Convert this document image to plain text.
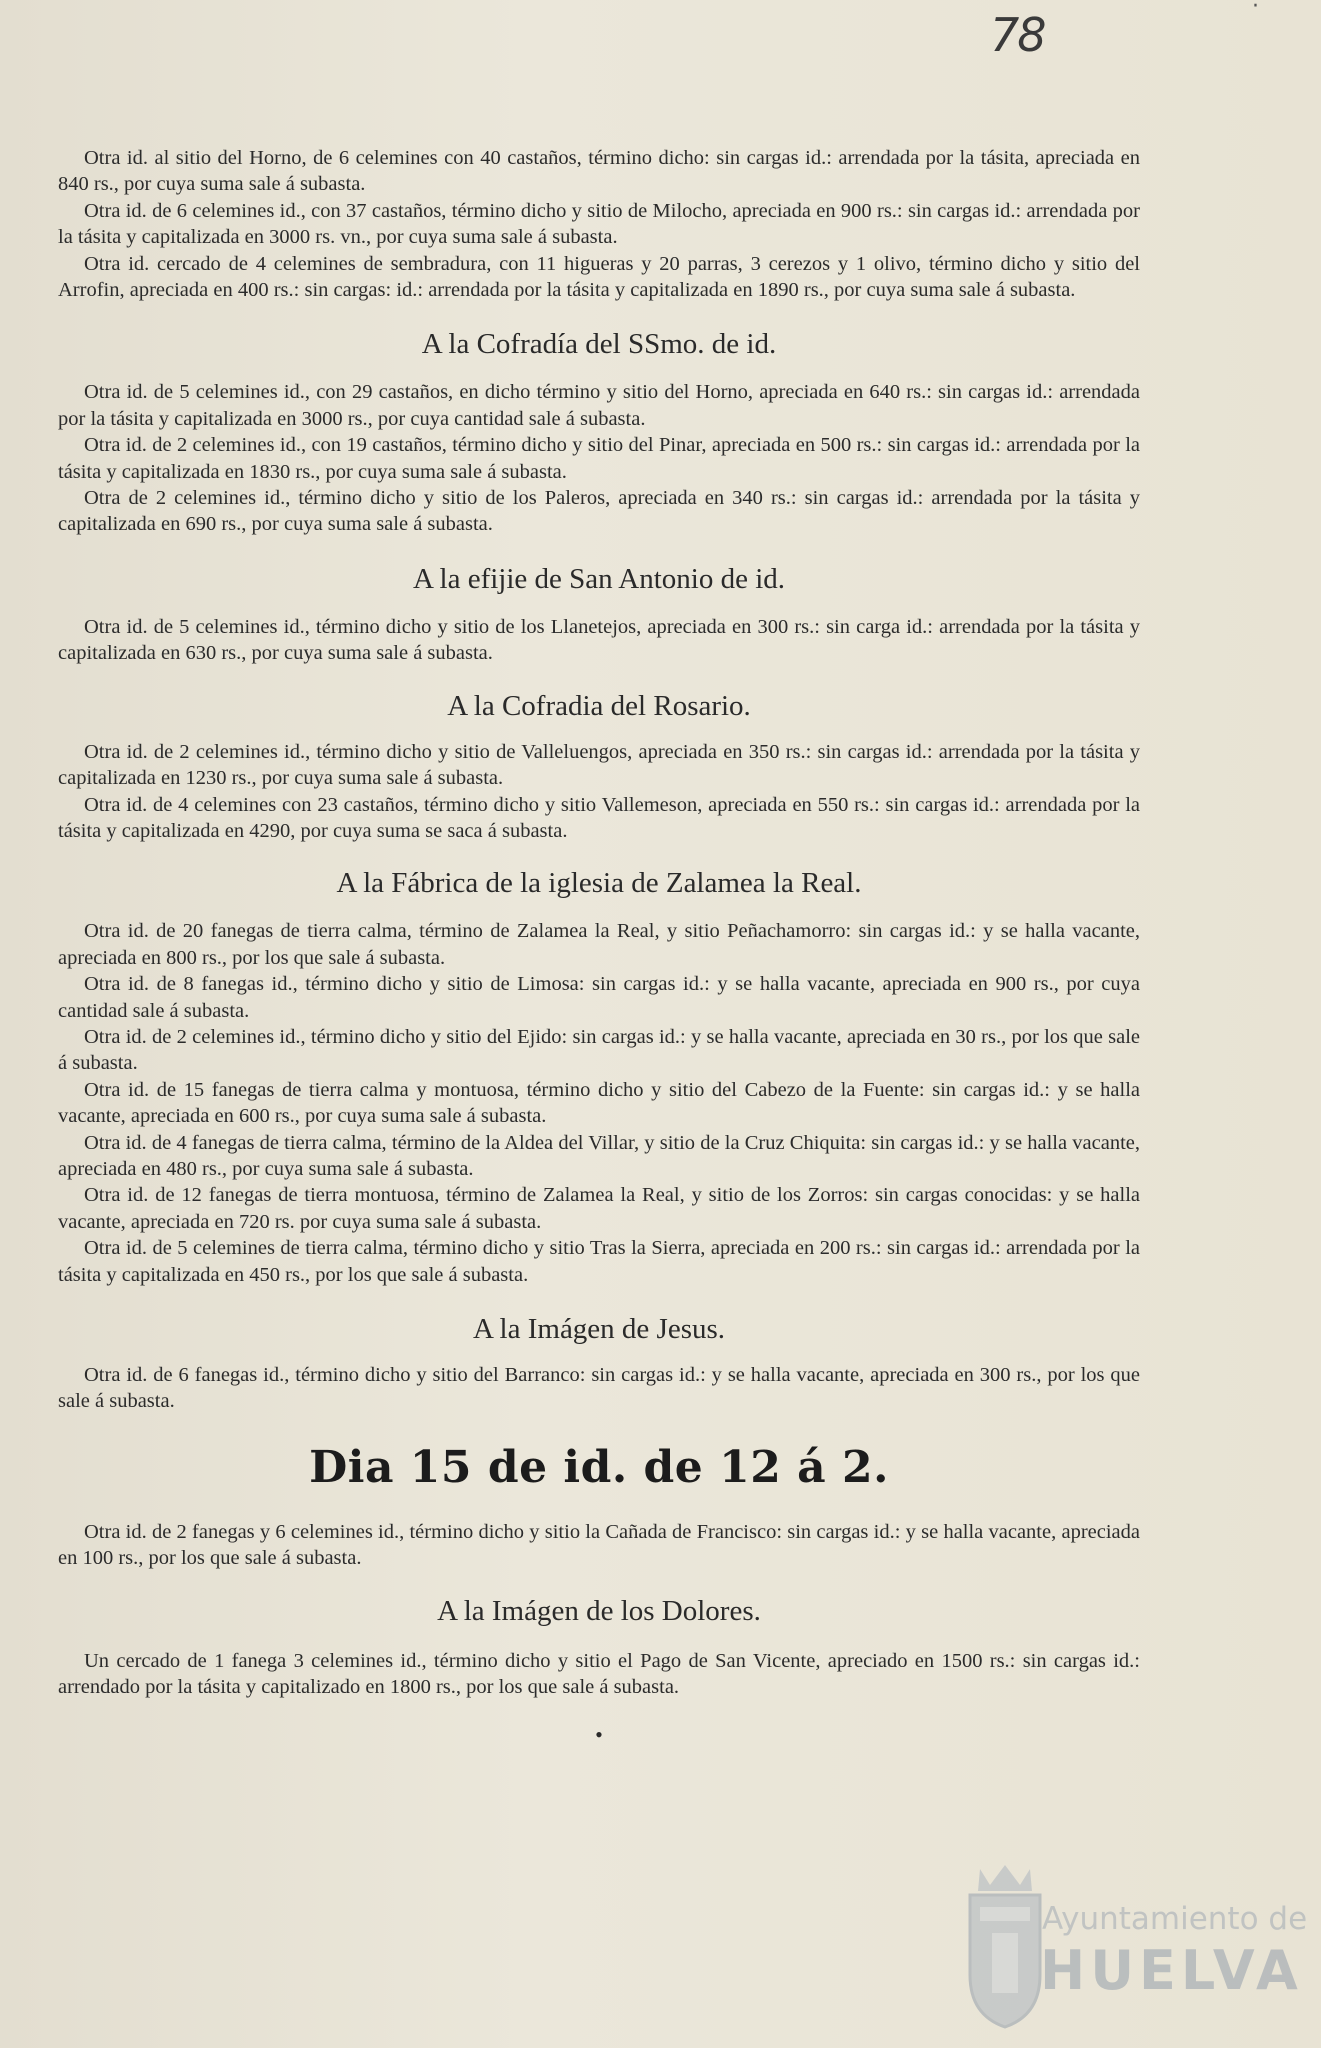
78
·

Otra id. al sitio del Horno, de 6 celemines con 40 castaños, término dicho: sin cargas id.: arrendada por la tásita, apreciada en 840 rs., por cuya suma sale á subasta.

Otra id. de 6 celemines id., con 37 castaños, término dicho y sitio de Milocho, apreciada en 900 rs.: sin cargas id.: arrendada por la tásita y capitalizada en 3000 rs. vn., por cuya suma sale á subasta.

Otra id. cercado de 4 celemines de sembradura, con 11 higueras y 20 parras, 3 cerezos y 1 olivo, término dicho y sitio del Arrofin, apreciada en 400 rs.: sin cargas: id.: arrendada por la tásita y capitalizada en 1890 rs., por cuya suma sale á subasta.

A la Cofradía del SSmo. de id.

Otra id. de 5 celemines id., con 29 castaños, en dicho término y sitio del Horno, apreciada en 640 rs.: sin cargas id.: arrendada por la tásita y capitalizada en 3000 rs., por cuya cantidad sale á subasta.

Otra id. de 2 celemines id., con 19 castaños, término dicho y sitio del Pinar, apreciada en 500 rs.: sin cargas id.: arrendada por la tásita y capitalizada en 1830 rs., por cuya suma sale á subasta.

Otra de 2 celemines id., término dicho y sitio de los Paleros, apreciada en 340 rs.: sin cargas id.: arrendada por la tásita y capitalizada en 690 rs., por cuya suma sale á subasta.

A la efijie de San Antonio de id.

Otra id. de 5 celemines id., término dicho y sitio de los Llanetejos, apreciada en 300 rs.: sin carga id.: arrendada por la tásita y capitalizada en 630 rs., por cuya suma sale á subasta.

A la Cofradia del Rosario.

Otra id. de 2 celemines id., término dicho y sitio de Valleluengos, apreciada en 350 rs.: sin cargas id.: arrendada por la tásita y capitalizada en 1230 rs., por cuya suma sale á subasta.

Otra id. de 4 celemines con 23 castaños, término dicho y sitio Vallemeson, apreciada en 550 rs.: sin cargas id.: arrendada por la tásita y capitalizada en 4290, por cuya suma se saca á subasta.

A la Fábrica de la iglesia de Zalamea la Real.

Otra id. de 20 fanegas de tierra calma, término de Zalamea la Real, y sitio Peñachamorro: sin cargas id.: y se halla vacante, apreciada en 800 rs., por los que sale á subasta.

Otra id. de 8 fanegas id., término dicho y sitio de Limosa: sin cargas id.: y se halla vacante, apreciada en 900 rs., por cuya cantidad sale á subasta.

Otra id. de 2 celemines id., término dicho y sitio del Ejido: sin cargas id.: y se halla vacante, apreciada en 30 rs., por los que sale á subasta.

Otra id. de 15 fanegas de tierra calma y montuosa, término dicho y sitio del Cabezo de la Fuente: sin cargas id.: y se halla vacante, apreciada en 600 rs., por cuya suma sale á subasta.

Otra id. de 4 fanegas de tierra calma, término de la Aldea del Villar, y sitio de la Cruz Chiquita: sin cargas id.: y se halla vacante, apreciada en 480 rs., por cuya suma sale á subasta.

Otra id. de 12 fanegas de tierra montuosa, término de Zalamea la Real, y sitio de los Zorros: sin cargas conocidas: y se halla vacante, apreciada en 720 rs. por cuya suma sale á subasta.

Otra id. de 5 celemines de tierra calma, término dicho y sitio Tras la Sierra, apreciada en 200 rs.: sin cargas id.: arrendada por la tásita y capitalizada en 450 rs., por los que sale á subasta.

A la Imágen de Jesus.

Otra id. de 6 fanegas id., término dicho y sitio del Barranco: sin cargas id.: y se halla vacante, apreciada en 300 rs., por los que sale á subasta.

Dia 15 de id. de 12 á 2.

Otra id. de 2 fanegas y 6 celemines id., término dicho y sitio la Cañada de Francisco: sin cargas id.: y se halla vacante, apreciada en 100 rs., por los que sale á subasta.

A la Imágen de los Dolores.

Un cercado de 1 fanega 3 celemines id., término dicho y sitio el Pago de San Vicente, apreciado en 1500 rs.: sin cargas id.: arrendado por la tásita y capitalizado en 1800 rs., por los que sale á subasta.

•

Ayuntamiento de
HUELVA
